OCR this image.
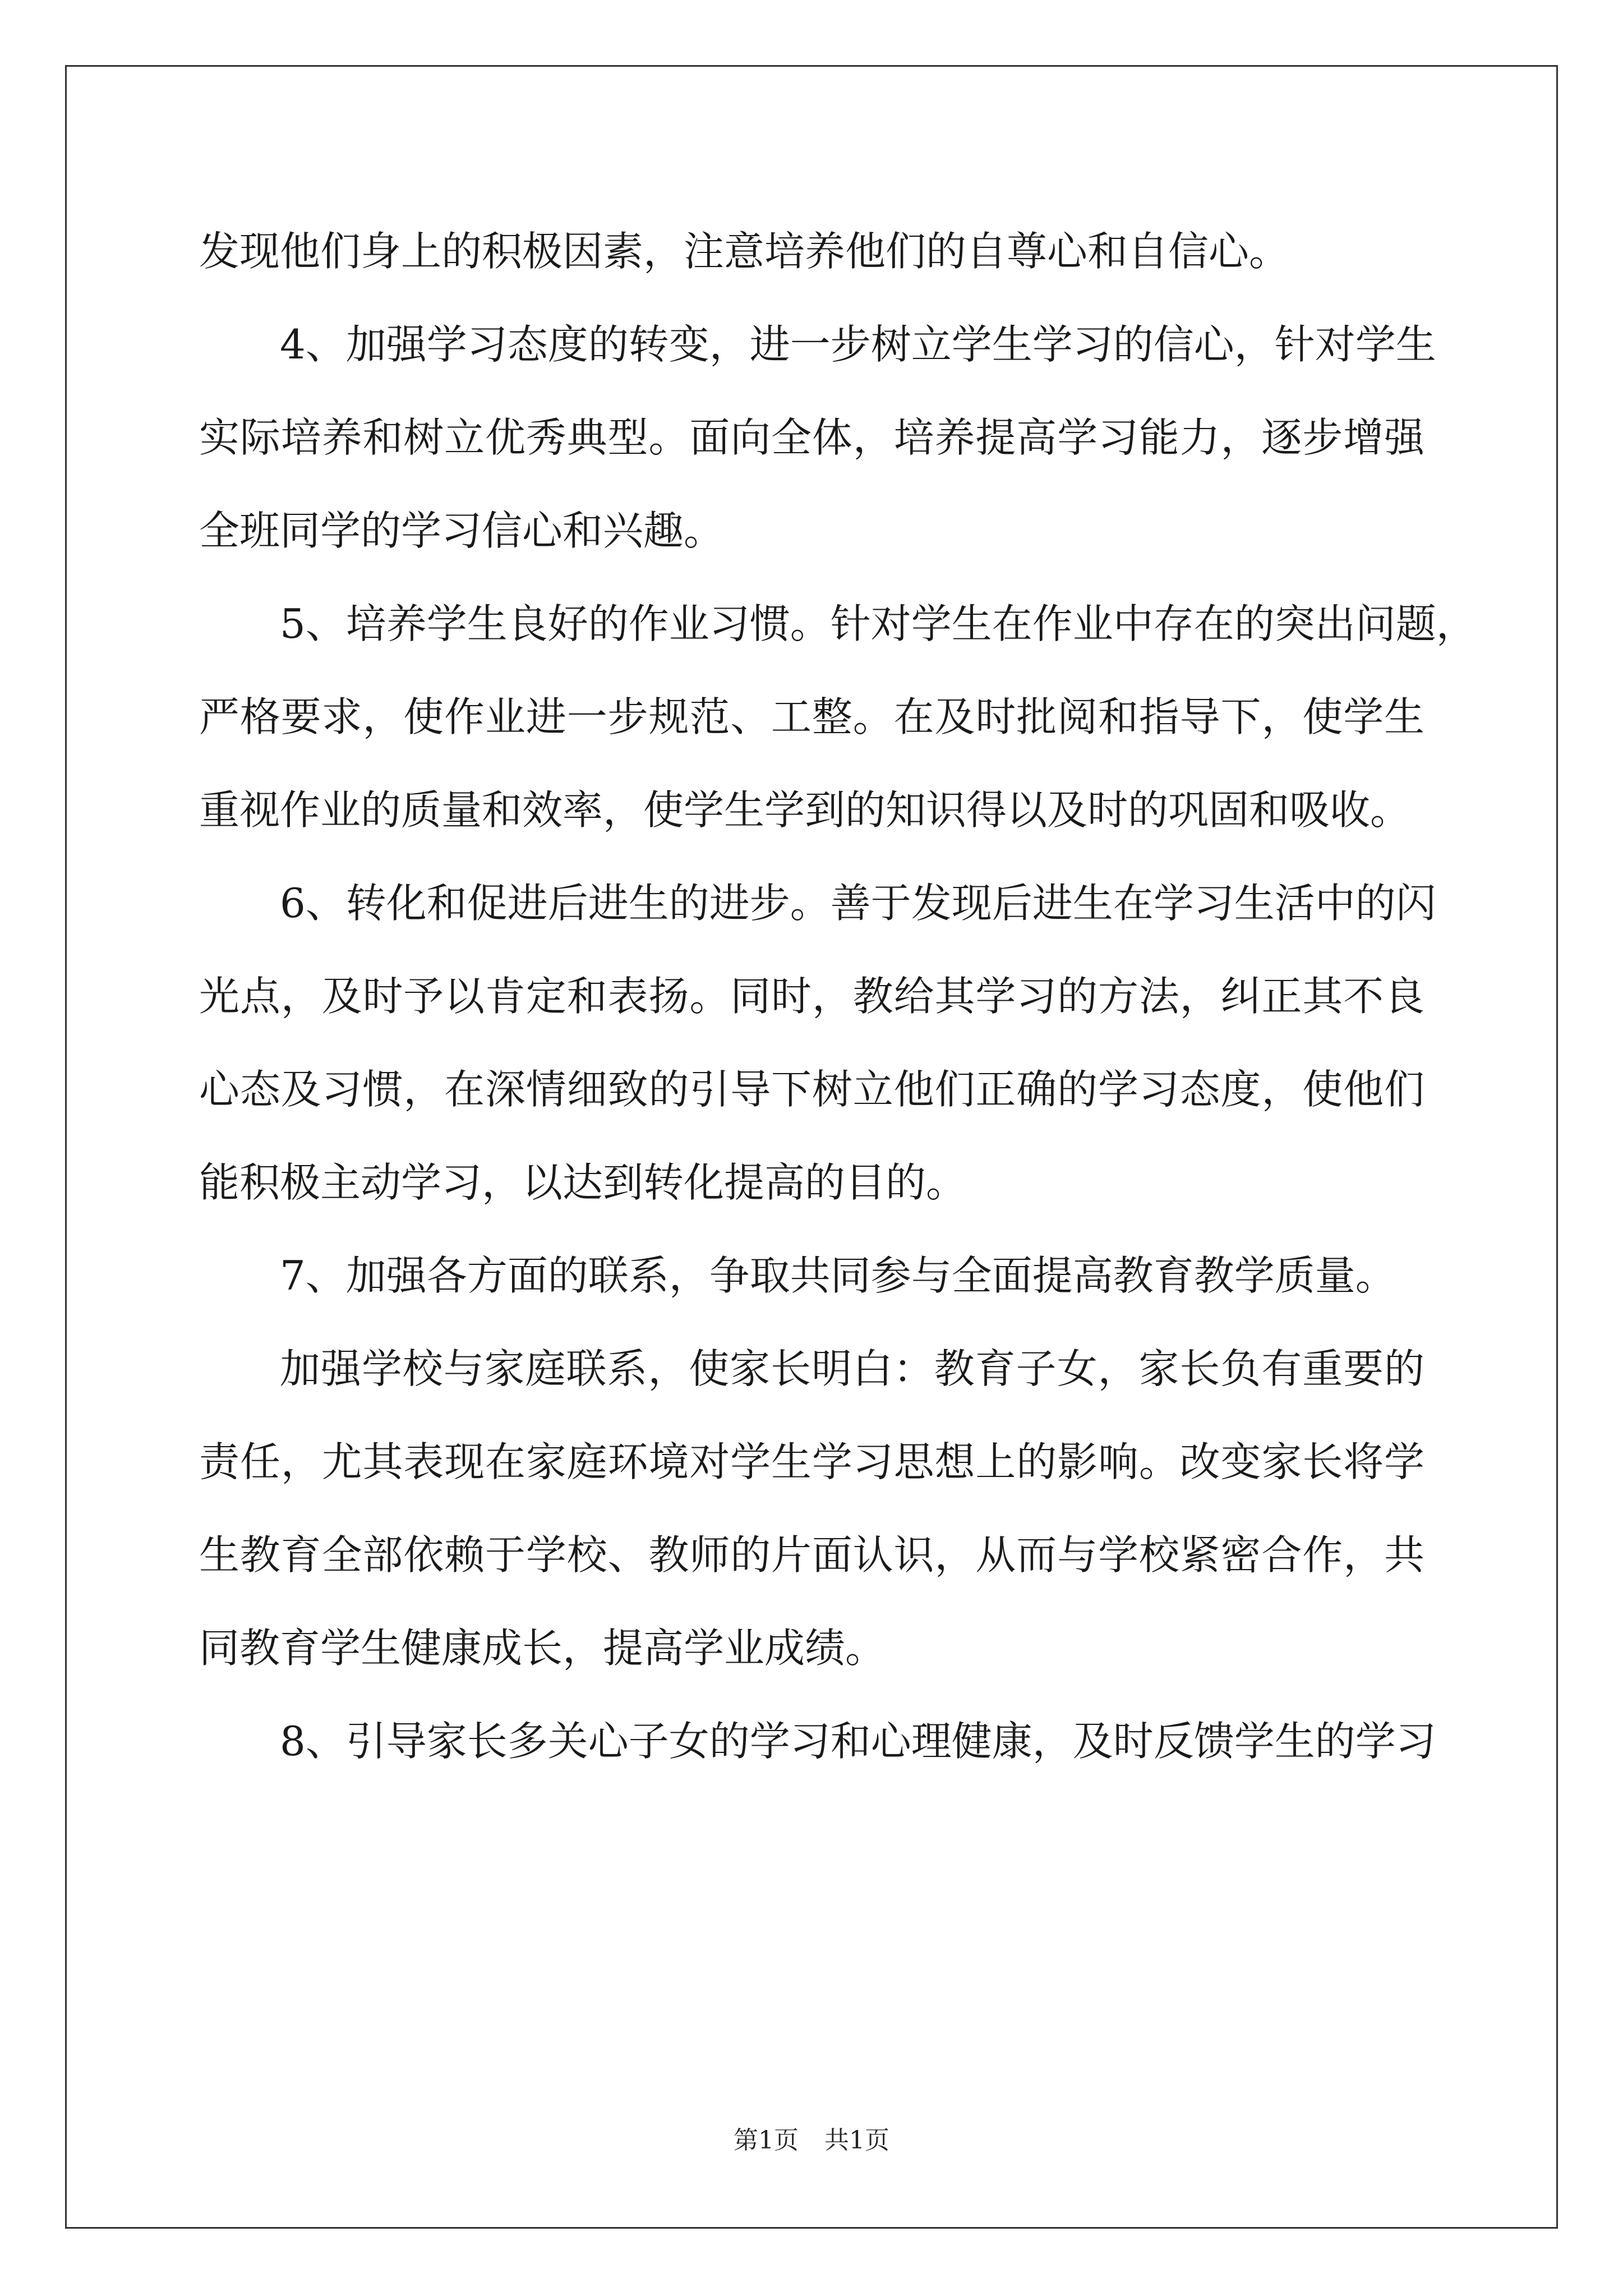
发现他们身上的积极因素，注意培养他们的自尊心和自信心。
4、加强学习态度的转变，进一步树立学生学习的信心，针对学生
实际培养和树立优秀典型。面向全体，培养提高学习能力，逐步增强
全班同学的学习信心和兴趣。
5、培养学生良好的作业习惯。针对学生在作业中存在的突出问题，
严格要求，使作业进一步规范、工整。在及时批阅和指导下，使学生
重视作业的质量和效率，使学生学到的知识得以及时的巩固和吸收。
6、转化和促进后进生的进步。善于发现后进生在学习生活中的闪
光点，及时予以肯定和表扬。同时，教给其学习的方法，纠正其不良
心态及习惯，在深情细致的引导下树立他们正确的学习态度，使他们
能积极主动学习，以达到转化提高的目的。
7、加强各方面的联系，争取共同参与全面提高教育教学质量。
加强学校与家庭联系，使家长明白：教育子女，家长负有重要的
责任，尤其表现在家庭环境对学生学习思想上的影响。改变家长将学
生教育全部依赖于学校、教师的片面认识，从而与学校紧密合作，共
同教育学生健康成长，提高学业成绩。
8、引导家长多关心子女的学习和心理健康，及时反馈学生的学习
第1页 共1页
